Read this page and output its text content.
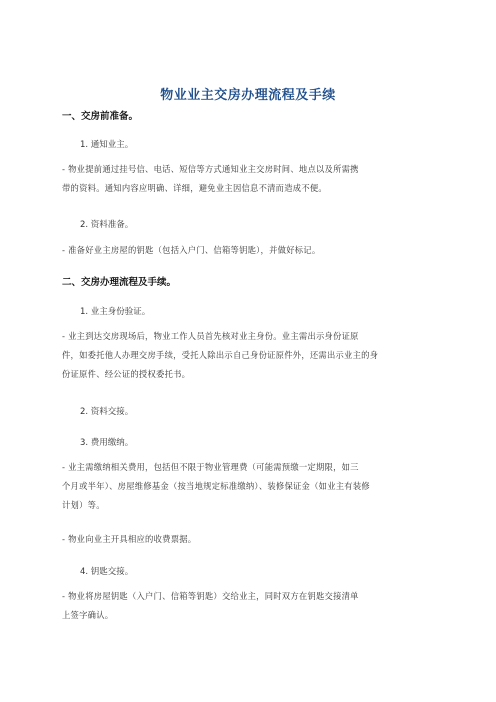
物业业主交房办理流程及手续
一、交房前准备。
1. 通知业主。
- 物业提前通过挂号信、电话、短信等方式通知业主交房时间、地点以及所需携
带的资料。通知内容应明确、详细，避免业主因信息不清而造成不便。
2. 资料准备。
- 准备好业主房屋的钥匙（包括入户门、信箱等钥匙），并做好标记。
二、交房办理流程及手续。
1. 业主身份验证。
- 业主到达交房现场后，物业工作人员首先核对业主身份。业主需出示身份证原
件，如委托他人办理交房手续，受托人除出示自己身份证原件外，还需出示业主的身
份证原件、经公证的授权委托书。
2. 资料交接。
3. 费用缴纳。
- 业主需缴纳相关费用，包括但不限于物业管理费（可能需预缴一定期限，如三
个月或半年）、房屋维修基金（按当地规定标准缴纳）、装修保证金（如业主有装修
计划）等。
- 物业向业主开具相应的收费票据。
4. 钥匙交接。
- 物业将房屋钥匙（入户门、信箱等钥匙）交给业主，同时双方在钥匙交接清单
上签字确认。
